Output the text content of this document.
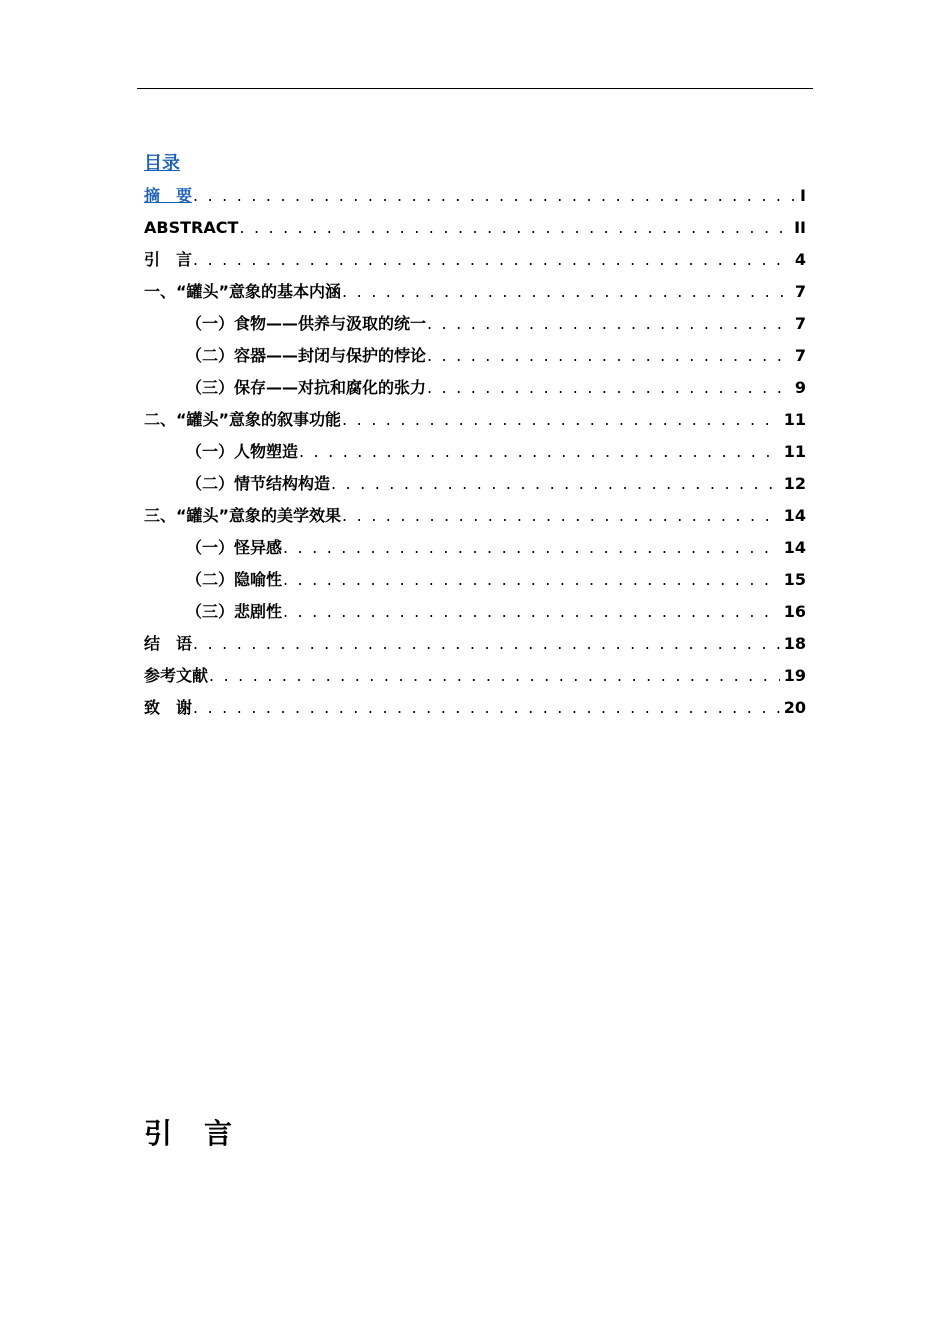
目录
摘　要 . . .	I
ABSTRACT . . .	II
引　言 . . .	4
一、“罐头”意象的基本内涵 . . .	7
（一）食物——供养与汲取的统一 . . .	7
（二）容器——封闭与保护的悖论 . . .	7
（三）保存——对抗和腐化的张力 . . .	9
二、“罐头”意象的叙事功能 . . .	11
（一）人物塑造 . . .	11
（二）情节结构构造 . . .	12
三、“罐头”意象的美学效果 . . .	14
（一）怪异感 . . .	14
（二）隐喻性 . . .	15
（三）悲剧性 . . .	16
结　语 . . .	18
参考文献 . . .	19
致　谢 . . .	20
引　言
